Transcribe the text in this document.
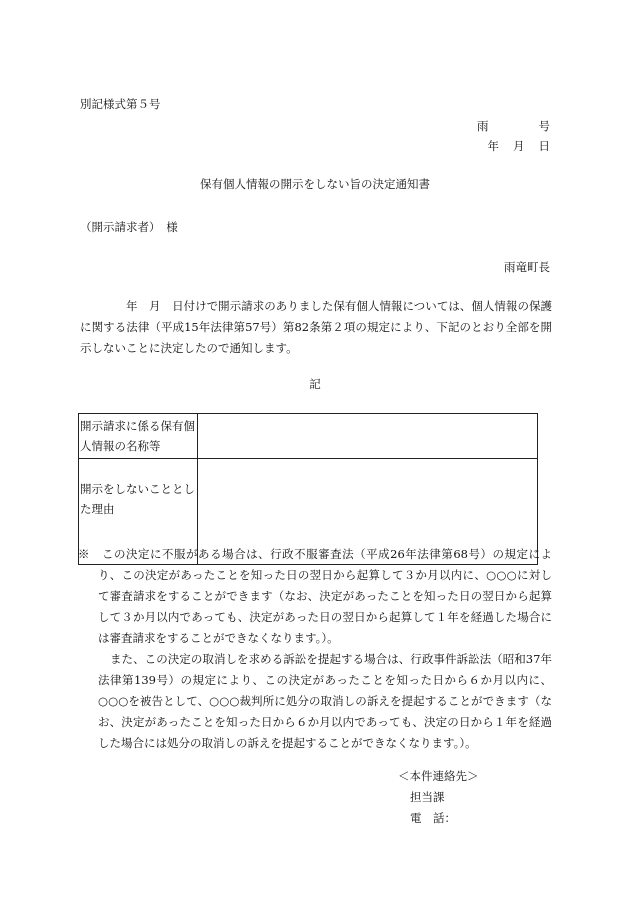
別記様式第５号
雨	号
年 月 日
保有個人情報の開示をしない旨の決定通知書
（開示請求者）　様
雨竜町長
年　月　日付けで開示請求のありました保有個人情報については、個人情報の保護に関する法律（平成15年法律第57号）第82条第２項の規定により、下記のとおり全部を開示しないことに決定したので通知します。
記
開示請求に係る保有個人情報の名称等	
開示をしないこととした理由	

※　この決定に不服がある場合は、行政不服審査法（平成26年法律第68号）の規定により、この決定があったことを知った日の翌日から起算して３か月以内に、○○○に対して審査請求をすることができます（なお、決定があったことを知った日の翌日から起算して３か月以内であっても、決定があった日の翌日から起算して１年を経過した場合には審査請求をすることができなくなります。）。

また、この決定の取消しを求める訴訟を提起する場合は、行政事件訴訟法（昭和37年法律第139号）の規定により、この決定があったことを知った日から６か月以内に、○○○を被告として、○○○裁判所に処分の取消しの訴えを提起することができます（なお、決定があったことを知った日から６か月以内であっても、決定の日から１年を経過した場合には処分の取消しの訴えを提起することができなくなります。）。

＜本件連絡先＞
担当課
電　話：
